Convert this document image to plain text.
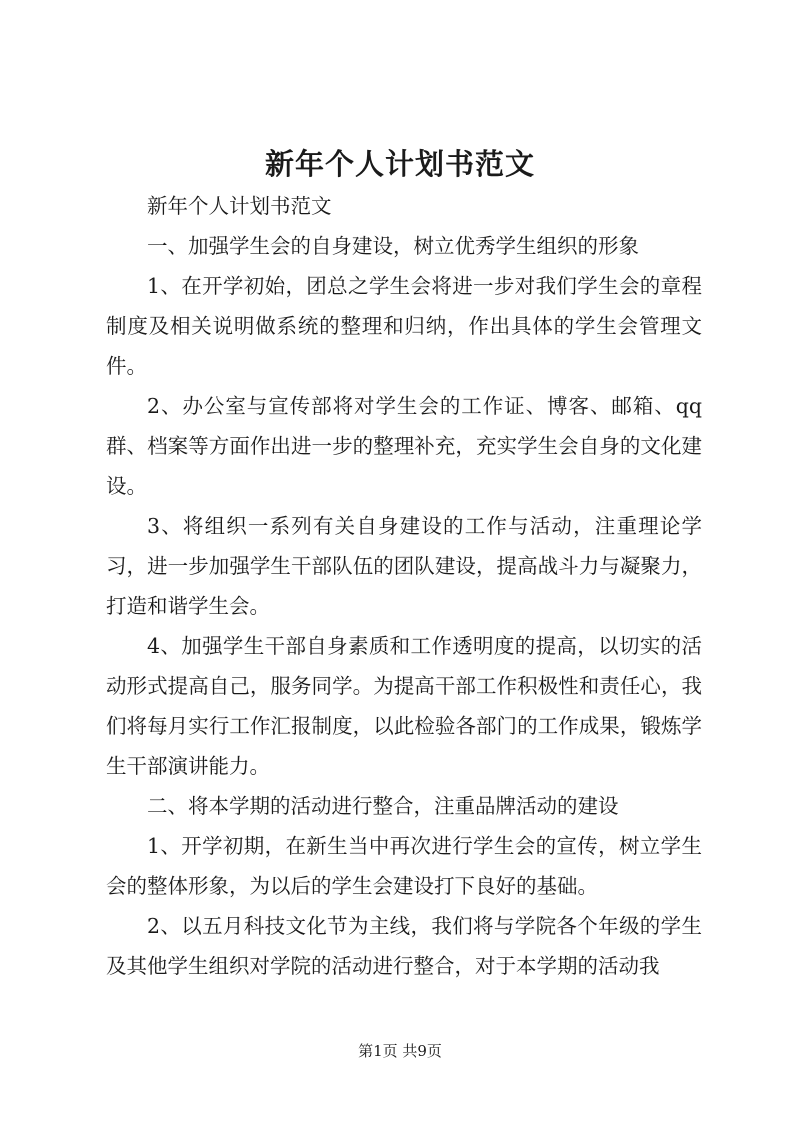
新年个人计划书范文

新年个人计划书范文

一、加强学生会的自身建设，树立优秀学生组织的形象

1、在开学初始，团总之学生会将进一步对我们学生会的章程制度及相关说明做系统的整理和归纳，作出具体的学生会管理文件。

2、办公室与宣传部将对学生会的工作证、博客、邮箱、qq群、档案等方面作出进一步的整理补充，充实学生会自身的文化建设。

3、将组织一系列有关自身建设的工作与活动，注重理论学习，进一步加强学生干部队伍的团队建设，提高战斗力与凝聚力，打造和谐学生会。

4、加强学生干部自身素质和工作透明度的提高，以切实的活动形式提高自己，服务同学。为提高干部工作积极性和责任心，我们将每月实行工作汇报制度，以此检验各部门的工作成果，锻炼学生干部演讲能力。

二、将本学期的活动进行整合，注重品牌活动的建设

1、开学初期，在新生当中再次进行学生会的宣传，树立学生会的整体形象，为以后的学生会建设打下良好的基础。

2、以五月科技文化节为主线，我们将与学院各个年级的学生及其他学生组织对学院的活动进行整合，对于本学期的活动我

第1页 共9页
